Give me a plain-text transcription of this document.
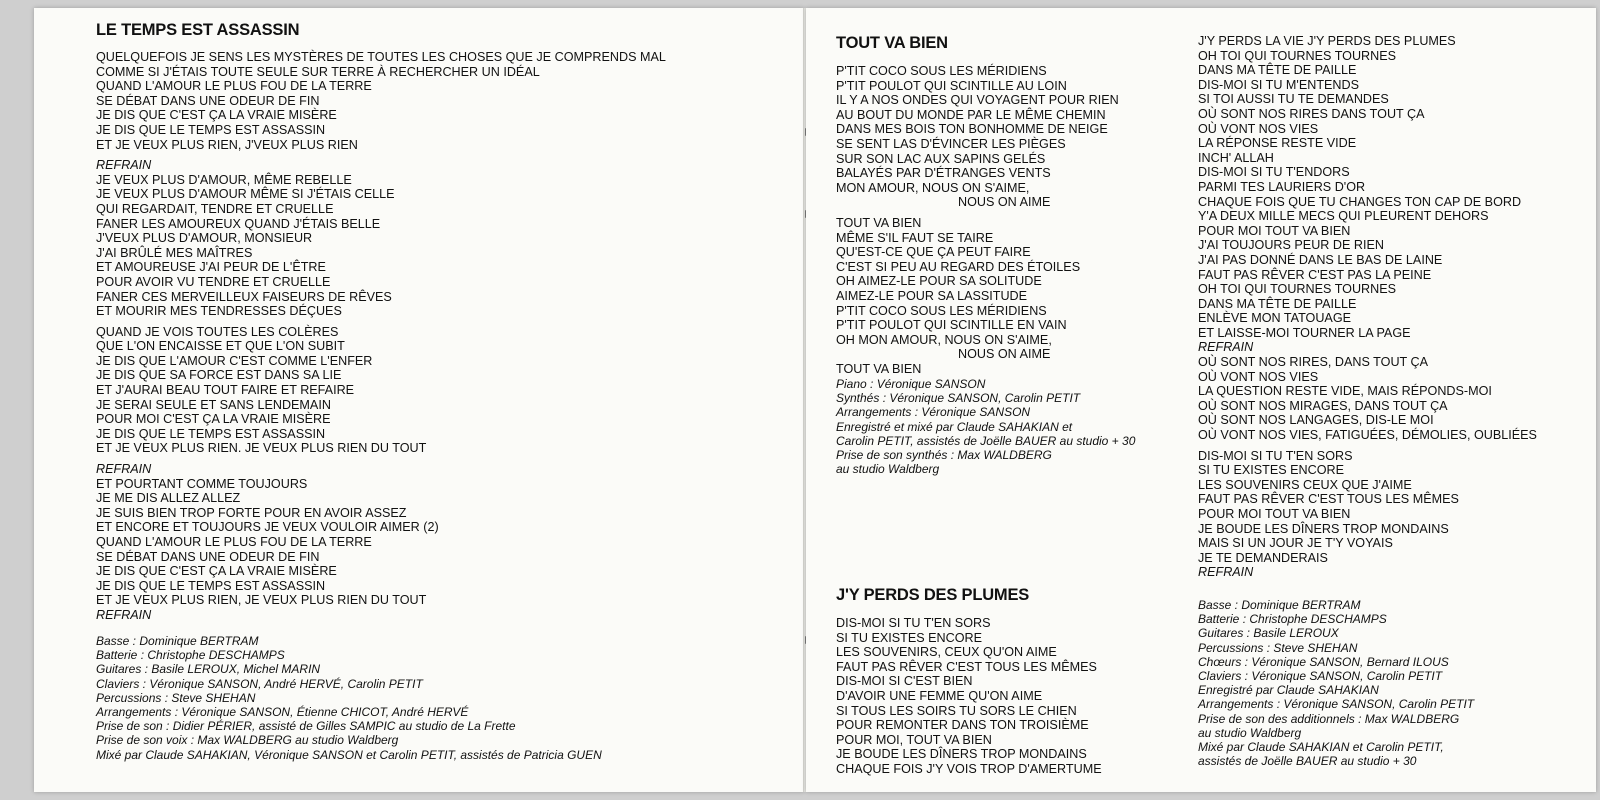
LE TEMPS EST ASSASSIN
QUELQUEFOIS JE SENS LES MYSTÈRES DE TOUTES LES CHOSES QUE JE COMPRENDS MAL
COMME SI J'ÉTAIS TOUTE SEULE SUR TERRE À RECHERCHER UN IDÉAL
QUAND L'AMOUR LE PLUS FOU DE LA TERRE
SE DÉBAT DANS UNE ODEUR DE FIN
JE DIS QUE C'EST ÇA LA VRAIE MISÈRE
JE DIS QUE LE TEMPS EST ASSASSIN
ET JE VEUX PLUS RIEN, J'VEUX PLUS RIEN
REFRAIN
JE VEUX PLUS D'AMOUR, MÊME REBELLE
JE VEUX PLUS D'AMOUR MÊME SI J'ÉTAIS CELLE
QUI REGARDAIT, TENDRE ET CRUELLE
FANER LES AMOUREUX QUAND J'ÉTAIS BELLE
J'VEUX PLUS D'AMOUR, MONSIEUR
J'AI BRÛLÉ MES MAÎTRES
ET AMOUREUSE J'AI PEUR DE L'ÊTRE
POUR AVOIR VU TENDRE ET CRUELLE
FANER CES MERVEILLEUX FAISEURS DE RÊVES
ET MOURIR MES TENDRESSES DÉÇUES
QUAND JE VOIS TOUTES LES COLÈRES
QUE L'ON ENCAISSE ET QUE L'ON SUBIT
JE DIS QUE L'AMOUR C'EST COMME L'ENFER
JE DIS QUE SA FORCE EST DANS SA LIE
ET J'AURAI BEAU TOUT FAIRE ET REFAIRE
JE SERAI SEULE ET SANS LENDEMAIN
POUR MOI C'EST ÇA LA VRAIE MISÈRE
JE DIS QUE LE TEMPS EST ASSASSIN
ET JE VEUX PLUS RIEN. JE VEUX PLUS RIEN DU TOUT
REFRAIN
ET POURTANT COMME TOUJOURS
JE ME DIS ALLEZ ALLEZ
JE SUIS BIEN TROP FORTE POUR EN AVOIR ASSEZ
ET ENCORE ET TOUJOURS JE VEUX VOULOIR AIMER (2)
QUAND L'AMOUR LE PLUS FOU DE LA TERRE
SE DÉBAT DANS UNE ODEUR DE FIN
JE DIS QUE C'EST ÇA LA VRAIE MISÈRE
JE DIS QUE LE TEMPS EST ASSASSIN
ET JE VEUX PLUS RIEN, JE VEUX PLUS RIEN DU TOUT
REFRAIN
Basse : Dominique BERTRAM
Batterie : Christophe DESCHAMPS
Guitares : Basile LEROUX, Michel MARIN
Claviers : Véronique SANSON, André HERVÉ, Carolin PETIT
Percussions : Steve SHEHAN
Arrangements : Véronique SANSON, Étienne CHICOT, André HERVÉ
Prise de son : Didier PÉRIER, assisté de Gilles SAMPIC au studio de La Frette
Prise de son voix : Max WALDBERG au studio Waldberg
Mixé par Claude SAHAKIAN, Véronique SANSON et Carolin PETIT, assistés de Patricia GUEN
TOUT VA BIEN
P'TIT COCO SOUS LES MÉRIDIENS
P'TIT POULOT QUI SCINTILLE AU LOIN
IL Y A NOS ONDES QUI VOYAGENT POUR RIEN
AU BOUT DU MONDE PAR LE MÊME CHEMIN
DANS MES BOIS TON BONHOMME DE NEIGE
SE SENT LAS D'ÉVINCER LES PIÈGES
SUR SON LAC AUX SAPINS GELÉS
BALAYÉS PAR D'ÉTRANGES VENTS
MON AMOUR, NOUS ON S'AIME,
NOUS ON AIME
TOUT VA BIEN
MÊME S'IL FAUT SE TAIRE
QU'EST-CE QUE ÇA PEUT FAIRE
C'EST SI PEU AU REGARD DES ÉTOILES
OH AIMEZ-LE POUR SA SOLITUDE
AIMEZ-LE POUR SA LASSITUDE
P'TIT COCO SOUS LES MÉRIDIENS
P'TIT POULOT QUI SCINTILLE EN VAIN
OH MON AMOUR, NOUS ON S'AIME,
NOUS ON AIME
TOUT VA BIEN
Piano : Véronique SANSON
Synthés : Véronique SANSON, Carolin PETIT
Arrangements : Véronique SANSON
Enregistré et mixé par Claude SAHAKIAN et
Carolin PETIT, assistés de Joëlle BAUER au studio + 30
Prise de son synthés : Max WALDBERG
au studio Waldberg
J'Y PERDS DES PLUMES
DIS-MOI SI TU T'EN SORS
SI TU EXISTES ENCORE
LES SOUVENIRS, CEUX QU'ON AIME
FAUT PAS RÊVER C'EST TOUS LES MÊMES
DIS-MOI SI C'EST BIEN
D'AVOIR UNE FEMME QU'ON AIME
SI TOUS LES SOIRS TU SORS LE CHIEN
POUR REMONTER DANS TON TROISIÈME
POUR MOI, TOUT VA BIEN
JE BOUDE LES DÎNERS TROP MONDAINS
CHAQUE FOIS J'Y VOIS TROP D'AMERTUME
J'Y PERDS LA VIE J'Y PERDS DES PLUMES
OH TOI QUI TOURNES TOURNES
DANS MA TÊTE DE PAILLE
DIS-MOI SI TU M'ENTENDS
SI TOI AUSSI TU TE DEMANDES
OÙ SONT NOS RIRES DANS TOUT ÇA
OÙ VONT NOS VIES
LA RÉPONSE RESTE VIDE
INCH' ALLAH
DIS-MOI SI TU T'ENDORS
PARMI TES LAURIERS D'OR
CHAQUE FOIS QUE TU CHANGES TON CAP DE BORD
Y'A DEUX MILLE MECS QUI PLEURENT DEHORS
POUR MOI TOUT VA BIEN
J'AI TOUJOURS PEUR DE RIEN
J'AI PAS DONNÉ DANS LE BAS DE LAINE
FAUT PAS RÊVER C'EST PAS LA PEINE
OH TOI QUI TOURNES TOURNES
DANS MA TÊTE DE PAILLE
ENLÈVE MON TATOUAGE
ET LAISSE-MOI TOURNER LA PAGE
REFRAIN
OÙ SONT NOS RIRES, DANS TOUT ÇA
OÙ VONT NOS VIES
LA QUESTION RESTE VIDE, MAIS RÉPONDS-MOI
OÙ SONT NOS MIRAGES, DANS TOUT ÇA
OÙ SONT NOS LANGAGES, DIS-LE MOI
OÙ VONT NOS VIES, FATIGUÉES, DÉMOLIES, OUBLIÉES
DIS-MOI SI TU T'EN SORS
SI TU EXISTES ENCORE
LES SOUVENIRS CEUX QUE J'AIME
FAUT PAS RÊVER C'EST TOUS LES MÊMES
POUR MOI TOUT VA BIEN
JE BOUDE LES DÎNERS TROP MONDAINS
MAIS SI UN JOUR JE T'Y VOYAIS
JE TE DEMANDERAIS
REFRAIN
Basse : Dominique BERTRAM
Batterie : Christophe DESCHAMPS
Guitares : Basile LEROUX
Percussions : Steve SHEHAN
Chœurs : Véronique SANSON, Bernard ILOUS
Claviers : Véronique SANSON, Carolin PETIT
Enregistré par Claude SAHAKIAN
Arrangements : Véronique SANSON, Carolin PETIT
Prise de son des additionnels : Max WALDBERG
au studio Waldberg
Mixé par Claude SAHAKIAN et Carolin PETIT,
assistés de Joëlle BAUER au studio + 30
